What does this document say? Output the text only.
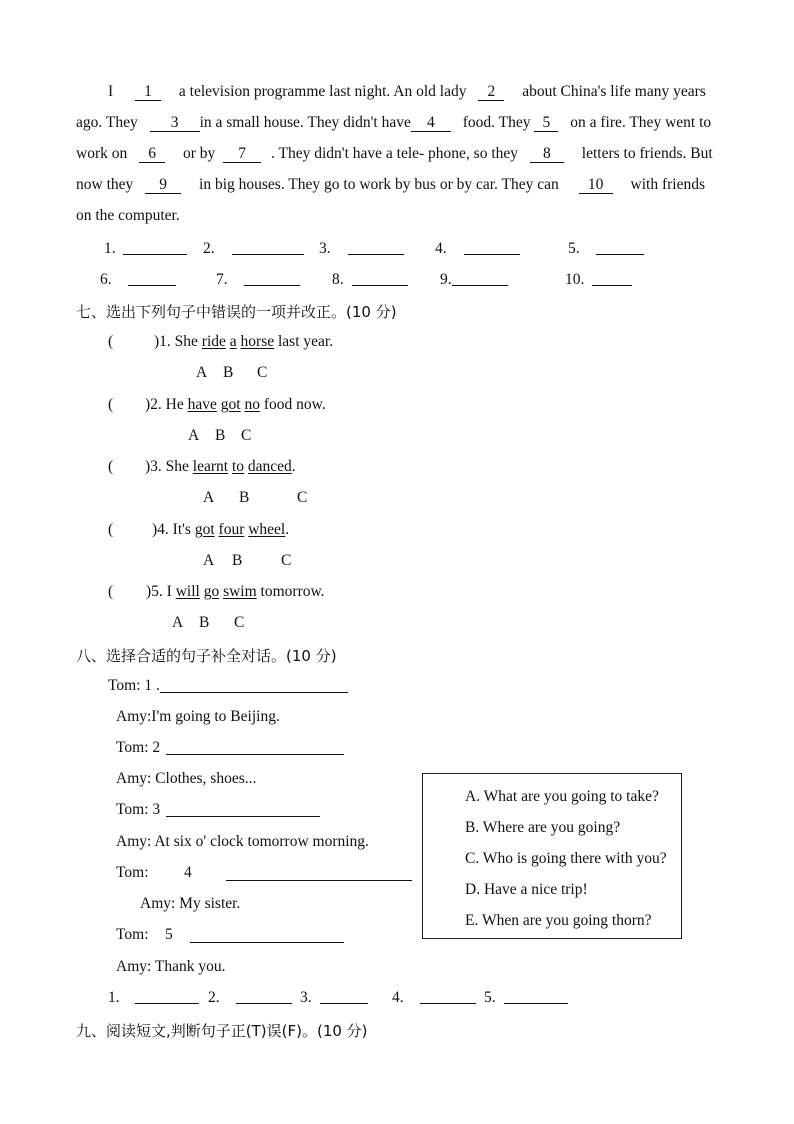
I 1 a television programme last night. An old lady 2 about China's life many years
ago. They 3 in a small house. They didn't have 4 food. They 5 on a fire. They went to
work on 6 or by 7 . They didn't have a tele- phone, so they 8 letters to friends. But
now they 9 in big houses. They go to work by bus or by car. They can 10 with friends
on the computer.
1.	2.	3.	4.	5.
6.	7.	8.	9.	10.
七、选出下列句子中错误的一项并改正。(10 分)
(	)1. She ride a horse last year.
A B C
( )2. He have got no food now.
A B C
( )3. She learnt to danced.
A B	C
(	)4. It's got four wheel.
A B C
( )5. I will go swim tomorrow.
A B C
八、选择合适的句子补全对话。(10 分)
Tom: 1 .
Amy:I'm going to Beijing.
Tom: 2
Amy: Clothes, shoes...
Tom: 3
Amy: At six o' clock tomorrow morning.
Tom: 4
Amy: My sister.
Tom: 5
Amy: Thank you.
A. What are you going to take?
B. Where are you going?
C. Who is going there with you?
D. Have a nice trip!
E. When are you going thorn?
1.	2.	3.	4.	5.
九、阅读短文,判断句子正(T)误(F)。(10 分)
